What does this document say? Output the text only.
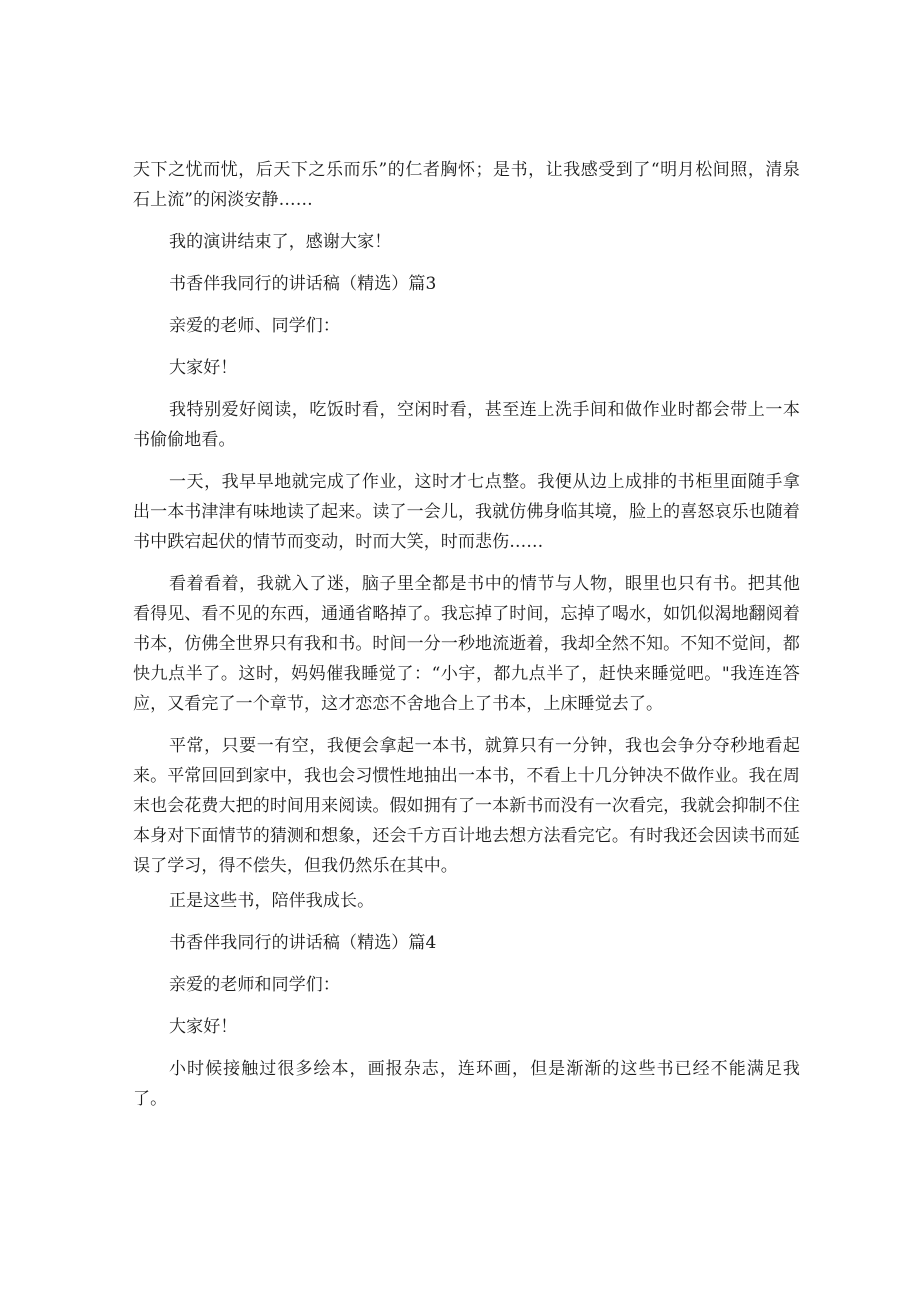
天下之忧而忧，后天下之乐而乐”的仁者胸怀；是书，让我感受到了“明月松间照，清泉石上流”的闲淡安静……

我的演讲结束了，感谢大家！

书香伴我同行的讲话稿（精选）篇3

亲爱的老师、同学们：

大家好！

我特别爱好阅读，吃饭时看，空闲时看，甚至连上洗手间和做作业时都会带上一本书偷偷地看。

一天，我早早地就完成了作业，这时才七点整。我便从边上成排的书柜里面随手拿出一本书津津有味地读了起来。读了一会儿，我就仿佛身临其境，脸上的喜怒哀乐也随着书中跌宕起伏的情节而变动，时而大笑，时而悲伤……

看着看着，我就入了迷，脑子里全都是书中的情节与人物，眼里也只有书。把其他看得见、看不见的东西，通通省略掉了。我忘掉了时间，忘掉了喝水，如饥似渴地翻阅着书本，仿佛全世界只有我和书。时间一分一秒地流逝着，我却全然不知。不知不觉间，都快九点半了。这时，妈妈催我睡觉了：“小宇，都九点半了，赶快来睡觉吧。"我连连答应，又看完了一个章节，这才恋恋不舍地合上了书本，上床睡觉去了。

平常，只要一有空，我便会拿起一本书，就算只有一分钟，我也会争分夺秒地看起来。平常回回到家中，我也会习惯性地抽出一本书，不看上十几分钟决不做作业。我在周末也会花费大把的时间用来阅读。假如拥有了一本新书而没有一次看完，我就会抑制不住本身对下面情节的猜测和想象，还会千方百计地去想方法看完它。有时我还会因读书而延误了学习，得不偿失，但我仍然乐在其中。

正是这些书，陪伴我成长。

书香伴我同行的讲话稿（精选）篇4

亲爱的老师和同学们：

大家好！

小时候接触过很多绘本，画报杂志，连环画，但是渐渐的这些书已经不能满足我了。
